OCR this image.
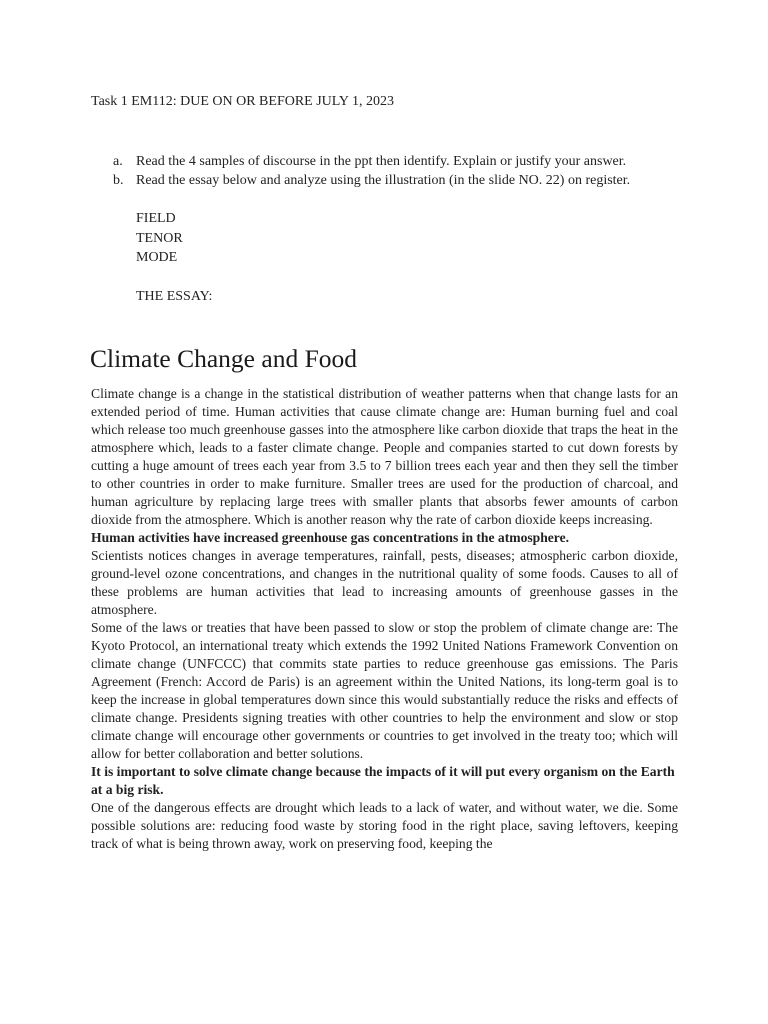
Task 1 EM112: DUE ON OR BEFORE JULY 1, 2023
a. Read the 4 samples of discourse in the ppt then identify. Explain or justify your answer.
b. Read the essay below and analyze using the illustration (in the slide NO. 22) on register.
FIELD
TENOR
MODE
THE ESSAY:
Climate Change and Food

Climate change is a change in the statistical distribution of weather patterns when that change lasts for an extended period of time. Human activities that cause climate change are: Human burning fuel and coal which release too much greenhouse gasses into the atmosphere like carbon dioxide that traps the heat in the atmosphere which, leads to a faster climate change. People and companies started to cut down forests by cutting a huge amount of trees each year from 3.5 to 7 billion trees each year and then they sell the timber to other countries in order to make furniture. Smaller trees are used for the production of charcoal, and human agriculture by replacing large trees with smaller plants that absorbs fewer amounts of carbon dioxide from the atmosphere. Which is another reason why the rate of carbon dioxide keeps increasing.

Human activities have increased greenhouse gas concentrations in the atmosphere.

Scientists notices changes in average temperatures, rainfall, pests, diseases; atmospheric carbon dioxide, ground-level ozone concentrations, and changes in the nutritional quality of some foods. Causes to all of these problems are human activities that lead to increasing amounts of greenhouse gasses in the atmosphere.

Some of the laws or treaties that have been passed to slow or stop the problem of climate change are: The Kyoto Protocol, an international treaty which extends the 1992 United Nations Framework Convention on climate change (UNFCCC) that commits state parties to reduce greenhouse gas emissions. The Paris Agreement (French: Accord de Paris) is an agreement within the United Nations, its long-term goal is to keep the increase in global temperatures down since this would substantially reduce the risks and effects of climate change. Presidents signing treaties with other countries to help the environment and slow or stop climate change will encourage other governments or countries to get involved in the treaty too; which will allow for better collaboration and better solutions.

It is important to solve climate change because the impacts of it will put every organism on the Earth at a big risk.

One of the dangerous effects are drought which leads to a lack of water, and without water, we die. Some possible solutions are: reducing food waste by storing food in the right place, saving leftovers, keeping track of what is being thrown away, work on preserving food, keeping the
